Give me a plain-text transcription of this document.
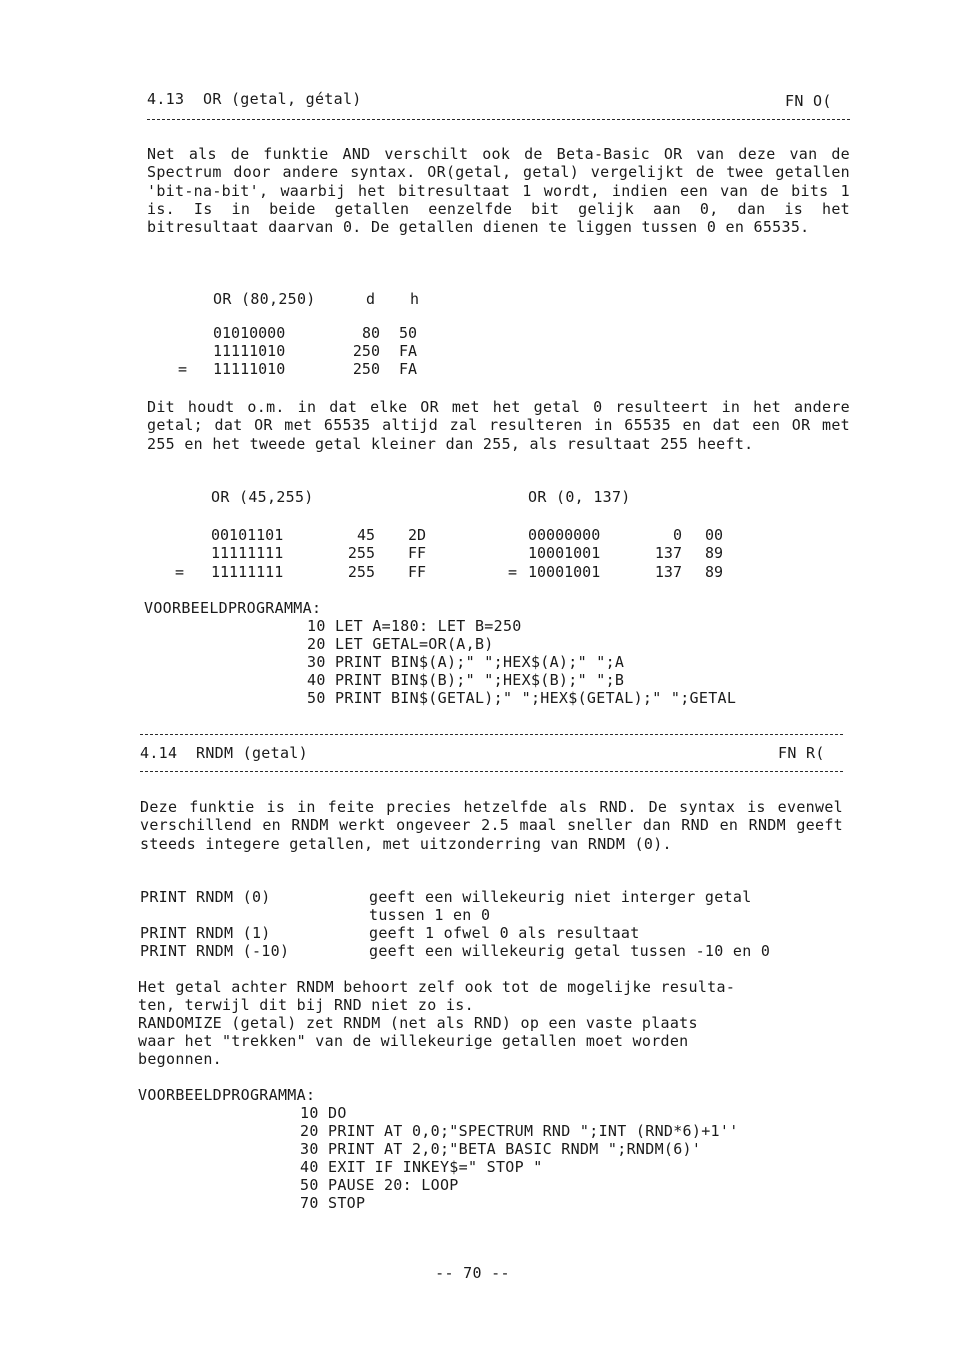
4.13  OR (getal, gétal)	FN O(
Net als de funktie AND verschilt ook de Beta-Basic OR van deze van de Spectrum door andere syntax. OR(getal, getal) vergelijkt de twee getallen 'bit-na-bit', waarbij het bitresultaat 1 wordt, indien een van de bits 1 is. Is in beide getallen eenzelfde bit gelijk aan 0, dan is het bitresultaat daarvan 0. De getallen dienen te liggen tussen 0 en 65535.
OR (80,250)	d h
01010000	80 50
11111010	250 FA
= 11111010	250 FA
Dit houdt o.m. in dat elke OR met het getal 0 resulteert in het andere getal; dat OR met 65535 altijd zal resulteren in 65535 en dat een OR met 255 en het tweede getal kleiner dan 255, als resultaat 255 heeft.
OR (45,255)
00101101	45 2D
11111111	255 FF
= 11111111	255 FF
OR (0, 137)
00000000	0 00
10001001	137 89
= 10001001	137 89
VOORBEELDPROGRAMMA:
10 LET A=180: LET B=250
20 LET GETAL=OR(A,B)
30 PRINT BIN$(A);" ";HEX$(A);" ";A
40 PRINT BIN$(B);" ";HEX$(B);" ";B
50 PRINT BIN$(GETAL);" ";HEX$(GETAL);" ";GETAL
4.14  RNDM (getal)	FN R(
Deze funktie is in feite precies hetzelfde als RND. De syntax is evenwel verschillend en RNDM werkt ongeveer 2.5 maal sneller dan RND en RNDM geeft steeds integere getallen, met uitzonderring van RNDM (0).
PRINT RNDM (0)	geeft een willekeurig niet interger getal
tussen 1 en 0
PRINT RNDM (1)	geeft 1 ofwel 0 als resultaat
PRINT RNDM (-10)	geeft een willekeurig getal tussen -10 en 0
Het getal achter RNDM behoort zelf ook tot de mogelijke resulta-
ten, terwijl dit bij RND niet zo is.
RANDOMIZE (getal) zet RNDM (net als RND) op een vaste plaats
waar het "trekken" van de willekeurige getallen moet worden
begonnen.
VOORBEELDPROGRAMMA:
10 DO
20 PRINT AT 0,0;"SPECTRUM RND ";INT (RND*6)+1''
30 PRINT AT 2,0;"BETA BASIC RNDM ";RNDM(6)'
40 EXIT IF INKEY$=" STOP "
50 PAUSE 20: LOOP
70 STOP
-- 70 --
